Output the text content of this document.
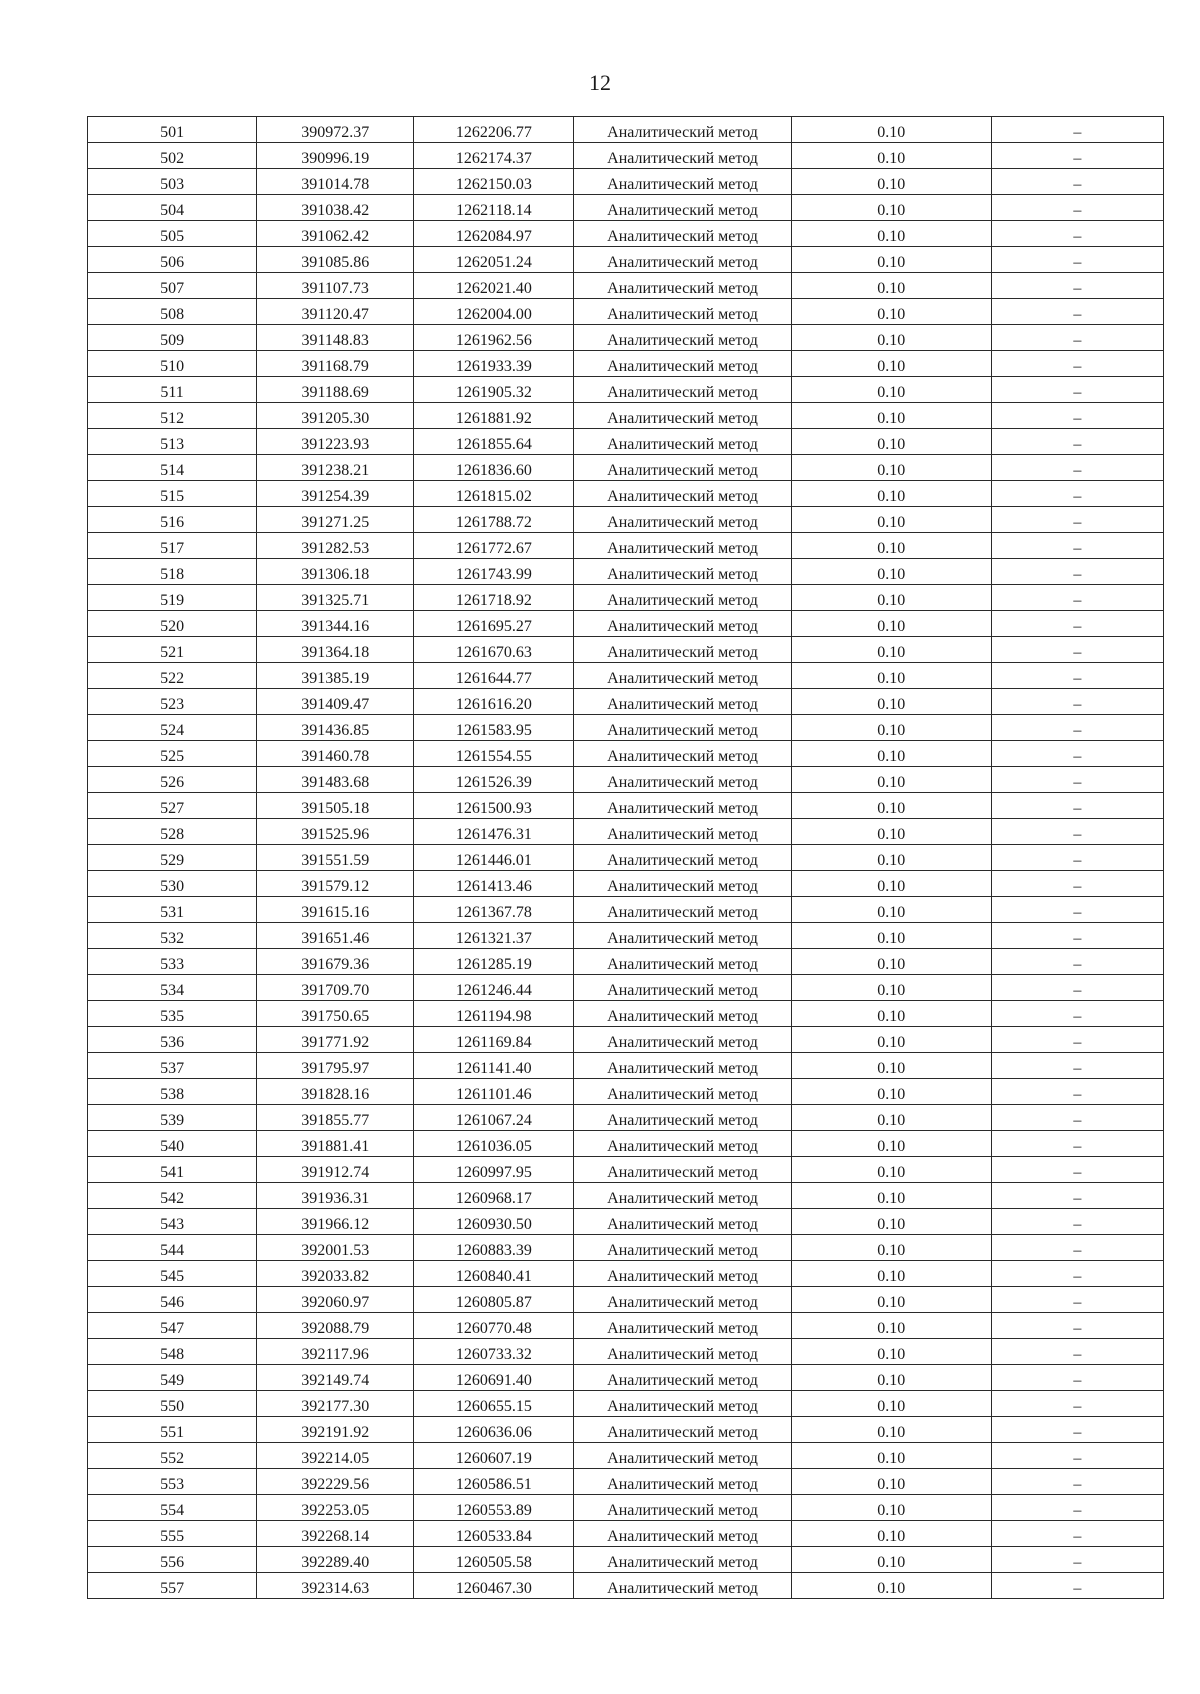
12
501	390972.37	1262206.77	Аналитический метод	0.10	–
502	390996.19	1262174.37	Аналитический метод	0.10	–
503	391014.78	1262150.03	Аналитический метод	0.10	–
504	391038.42	1262118.14	Аналитический метод	0.10	–
505	391062.42	1262084.97	Аналитический метод	0.10	–
506	391085.86	1262051.24	Аналитический метод	0.10	–
507	391107.73	1262021.40	Аналитический метод	0.10	–
508	391120.47	1262004.00	Аналитический метод	0.10	–
509	391148.83	1261962.56	Аналитический метод	0.10	–
510	391168.79	1261933.39	Аналитический метод	0.10	–
511	391188.69	1261905.32	Аналитический метод	0.10	–
512	391205.30	1261881.92	Аналитический метод	0.10	–
513	391223.93	1261855.64	Аналитический метод	0.10	–
514	391238.21	1261836.60	Аналитический метод	0.10	–
515	391254.39	1261815.02	Аналитический метод	0.10	–
516	391271.25	1261788.72	Аналитический метод	0.10	–
517	391282.53	1261772.67	Аналитический метод	0.10	–
518	391306.18	1261743.99	Аналитический метод	0.10	–
519	391325.71	1261718.92	Аналитический метод	0.10	–
520	391344.16	1261695.27	Аналитический метод	0.10	–
521	391364.18	1261670.63	Аналитический метод	0.10	–
522	391385.19	1261644.77	Аналитический метод	0.10	–
523	391409.47	1261616.20	Аналитический метод	0.10	–
524	391436.85	1261583.95	Аналитический метод	0.10	–
525	391460.78	1261554.55	Аналитический метод	0.10	–
526	391483.68	1261526.39	Аналитический метод	0.10	–
527	391505.18	1261500.93	Аналитический метод	0.10	–
528	391525.96	1261476.31	Аналитический метод	0.10	–
529	391551.59	1261446.01	Аналитический метод	0.10	–
530	391579.12	1261413.46	Аналитический метод	0.10	–
531	391615.16	1261367.78	Аналитический метод	0.10	–
532	391651.46	1261321.37	Аналитический метод	0.10	–
533	391679.36	1261285.19	Аналитический метод	0.10	–
534	391709.70	1261246.44	Аналитический метод	0.10	–
535	391750.65	1261194.98	Аналитический метод	0.10	–
536	391771.92	1261169.84	Аналитический метод	0.10	–
537	391795.97	1261141.40	Аналитический метод	0.10	–
538	391828.16	1261101.46	Аналитический метод	0.10	–
539	391855.77	1261067.24	Аналитический метод	0.10	–
540	391881.41	1261036.05	Аналитический метод	0.10	–
541	391912.74	1260997.95	Аналитический метод	0.10	–
542	391936.31	1260968.17	Аналитический метод	0.10	–
543	391966.12	1260930.50	Аналитический метод	0.10	–
544	392001.53	1260883.39	Аналитический метод	0.10	–
545	392033.82	1260840.41	Аналитический метод	0.10	–
546	392060.97	1260805.87	Аналитический метод	0.10	–
547	392088.79	1260770.48	Аналитический метод	0.10	–
548	392117.96	1260733.32	Аналитический метод	0.10	–
549	392149.74	1260691.40	Аналитический метод	0.10	–
550	392177.30	1260655.15	Аналитический метод	0.10	–
551	392191.92	1260636.06	Аналитический метод	0.10	–
552	392214.05	1260607.19	Аналитический метод	0.10	–
553	392229.56	1260586.51	Аналитический метод	0.10	–
554	392253.05	1260553.89	Аналитический метод	0.10	–
555	392268.14	1260533.84	Аналитический метод	0.10	–
556	392289.40	1260505.58	Аналитический метод	0.10	–
557	392314.63	1260467.30	Аналитический метод	0.10	–
